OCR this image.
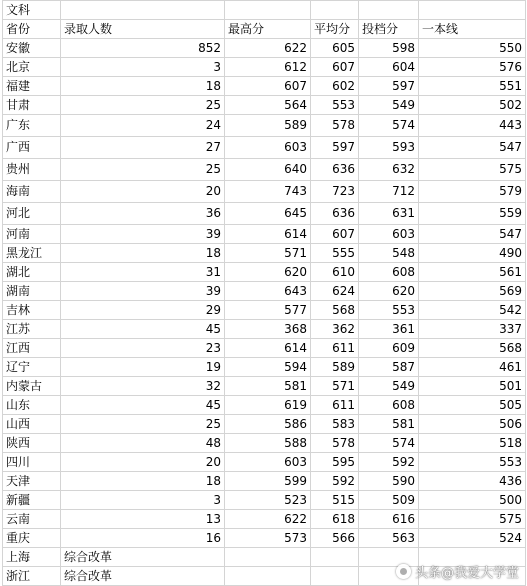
文科					
省份	录取人数	最高分	平均分	投档分	一本线
安徽	852	622	605	598	550
北京	3	612	607	604	576
福建	18	607	602	597	551
甘肃	25	564	553	549	502
广东	24	589	578	574	443
广西	27	603	597	593	547
贵州	25	640	636	632	575
海南	20	743	723	712	579
河北	36	645	636	631	559
河南	39	614	607	603	547
黑龙江	18	571	555	548	490
湖北	31	620	610	608	561
湖南	39	643	624	620	569
吉林	29	577	568	553	542
江苏	45	368	362	361	337
江西	23	614	611	609	568
辽宁	19	594	589	587	461
内蒙古	32	581	571	549	501
山东	45	619	611	608	505
山西	25	586	583	581	506
陕西	48	588	578	574	518
四川	20	603	595	592	553
天津	18	599	592	590	436
新疆	3	523	515	509	500
云南	13	622	618	616	575
重庆	16	573	566	563	524
上海	综合改革				
浙江	综合改革					头条@我爱大学堂
